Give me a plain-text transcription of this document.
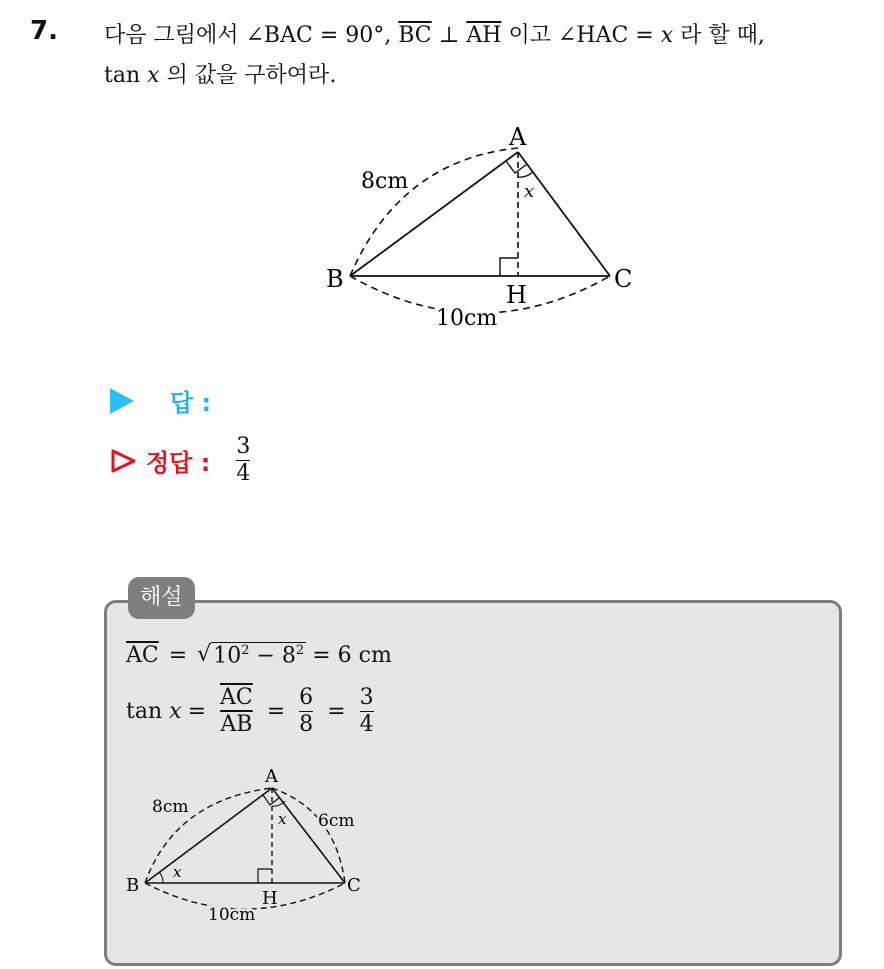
7. 다음 그림에서 ∠BAC = 90°, $\overline{BC}$ ⊥ $\overline{AH}$ 이고 ∠HAC = x 라 할 때,
tan x 의 값을 구하여라.
A
B	C
H
x
8cm
10cm
답 :
정답 : $\frac{3}{4}$
해설
$\overline{AC}$ = √ $10^2 - 8^2 = 6$ cm
tan
$x = \frac{\overline{AC}}{AB} = \frac{6}{8} = \frac{3}{4}$
A
B	C
H
x
x
8cm
6cm
10cm
